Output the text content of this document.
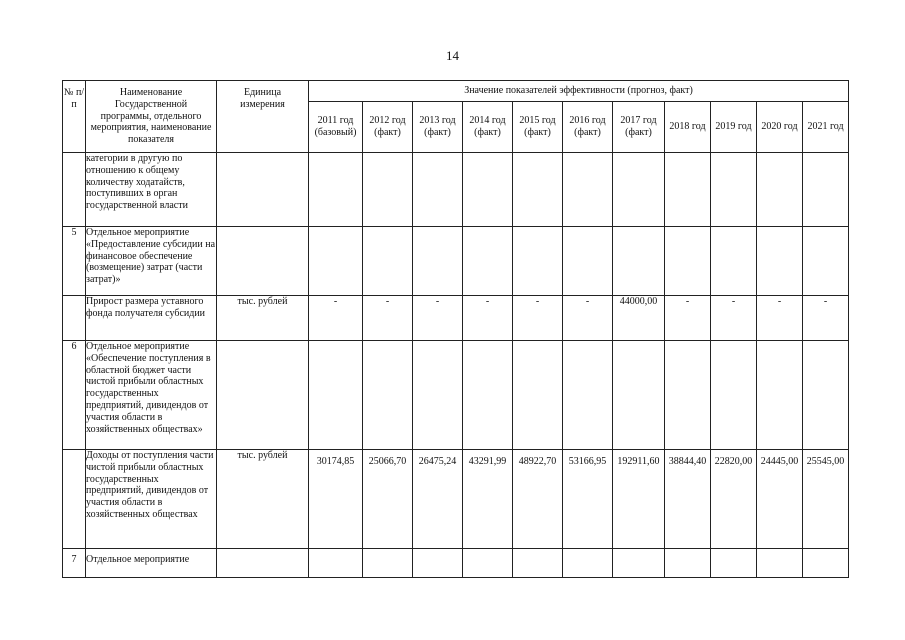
14
№ п/п	Наименование Государственной программы, отдельного мероприятия, наименование показателя	Единица измерения	Значение показателей эффективности (прогноз, факт)										
			2011 год (базовый)	2012 год (факт)	2013 год (факт)	2014 год (факт)	2015 год (факт)	2016 год (факт)	2017 год (факт)	2018 год	2019 год	2020 год	2021 год
	категории в другую по отношению к общему количеству ходатайств, поступивших в орган государственной власти												
5	Отдельное мероприятие «Предоставление субсидии на финансовое обеспечение (возмещение) затрат (части затрат)»												
	Прирост размера уставного фонда получателя субсидии	тыс. рублей	-	-	-	-	-	-	44000,00	-	-	-	-
6	Отдельное мероприятие «Обеспечение поступления в областной бюджет части чистой прибыли областных государственных предприятий, дивидендов от участия области в хозяйственных обществах»												
	Доходы от поступления части чистой прибыли областных государственных предприятий, дивидендов от участия области в хозяйственных обществах	тыс. рублей	30174,85	25066,70	26475,24	43291,99	48922,70	53166,95	192911,60	38844,40	22820,00	24445,00	25545,00
7	Отдельное мероприятие												
